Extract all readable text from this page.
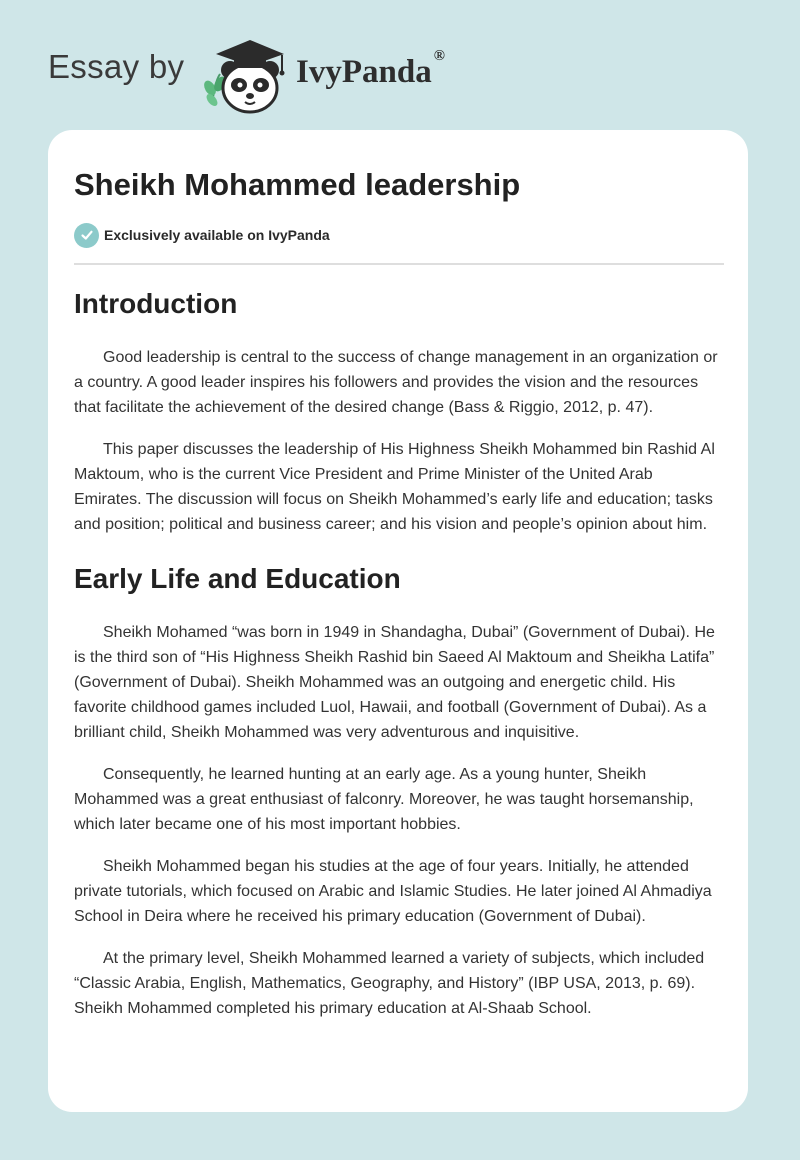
Essay by	IvyPanda ®
Sheikh Mohammed leadership
Exclusively available on IvyPanda
Introduction

Good leadership is central to the success of change management in an organization or a country. A good leader inspires his followers and provides the vision and the resources that facilitate the achievement of the desired change (Bass & Riggio, 2012, p. 47).

This paper discusses the leadership of His Highness Sheikh Mohammed bin Rashid Al Maktoum, who is the current Vice President and Prime Minister of the United Arab Emirates. The discussion will focus on Sheikh Mohammed’s early life and education; tasks and position; political and business career; and his vision and people’s opinion about him.

Early Life and Education

Sheikh Mohamed “was born in 1949 in Shandagha, Dubai” (Government of Dubai). He is the third son of “His Highness Sheikh Rashid bin Saeed Al Maktoum and Sheikha Latifa” (Government of Dubai). Sheikh Mohammed was an outgoing and energetic child. His favorite childhood games included Luol, Hawaii, and football (Government of Dubai). As a brilliant child, Sheikh Mohammed was very adventurous and inquisitive.

Consequently, he learned hunting at an early age. As a young hunter, Sheikh Mohammed was a great enthusiast of falconry. Moreover, he was taught horsemanship, which later became one of his most important hobbies.

Sheikh Mohammed began his studies at the age of four years. Initially, he attended private tutorials, which focused on Arabic and Islamic Studies. He later joined Al Ahmadiya School in Deira where he received his primary education (Government of Dubai).

At the primary level, Sheikh Mohammed learned a variety of subjects, which included “Classic Arabia, English, Mathematics, Geography, and History” (IBP USA, 2013, p. 69). Sheikh Mohammed completed his primary education at Al-Shaab School.
